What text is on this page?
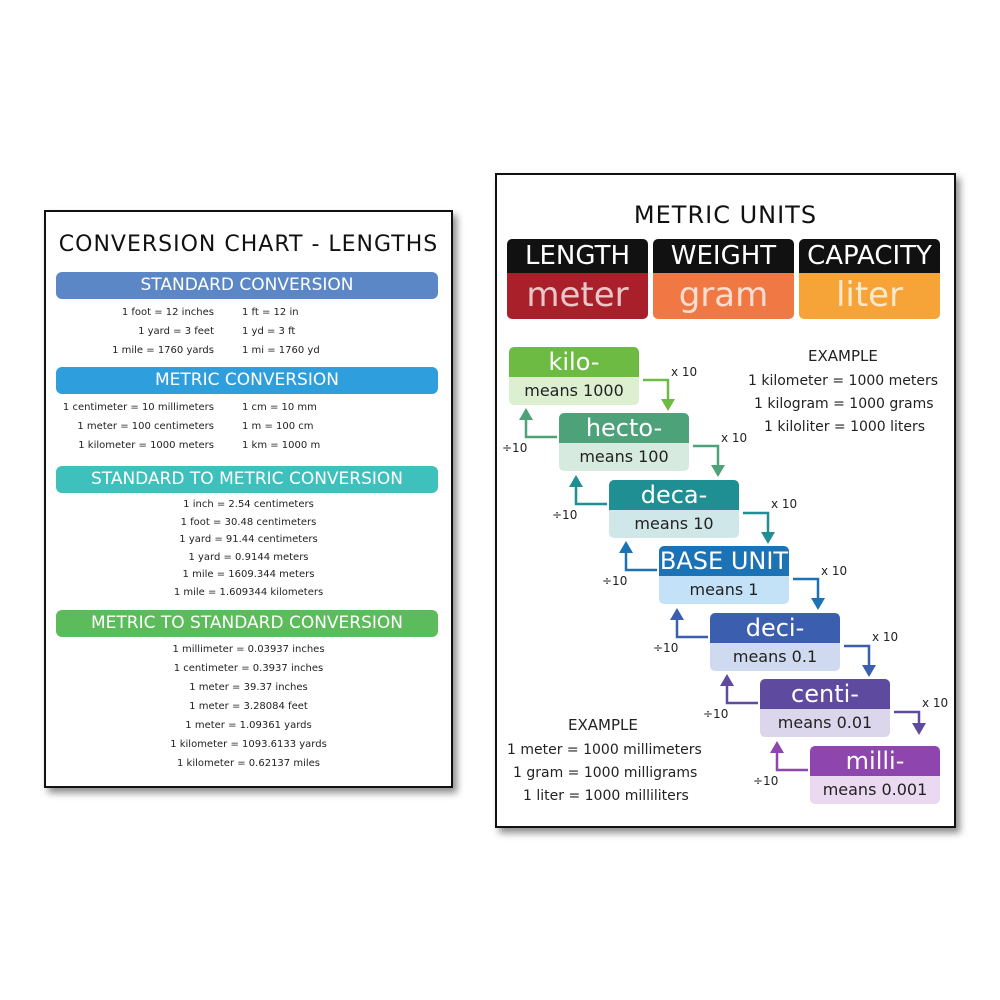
CONVERSION CHART - LENGTHS
STANDARD CONVERSION
1 foot = 12 inches	1 ft = 12 in
1 yard = 3 feet	1 yd = 3 ft
1 mile = 1760 yards	1 mi = 1760 yd
METRIC CONVERSION
1 centimeter = 10 millimeters	1 cm = 10 mm
1 meter = 100 centimeters	1 m = 100 cm
1 kilometer = 1000 meters	1 km = 1000 m
STANDARD TO METRIC CONVERSION
1 inch = 2.54 centimeters
1 foot = 30.48 centimeters
1 yard = 91.44 centimeters
1 yard = 0.9144 meters
1 mile = 1609.344 meters
1 mile = 1.609344 kilometers
METRIC TO STANDARD CONVERSION
1 millimeter = 0.03937 inches
1 centimeter = 0.3937 inches
1 meter = 39.37 inches
1 meter = 3.28084 feet
1 meter = 1.09361 yards
1 kilometer = 1093.6133 yards
1 kilometer = 0.62137 miles
METRIC UNITS
LENGTH
meter
WEIGHT
gram
CAPACITY
liter
kilo-
means 1000
hecto-
means 100
deca-
means 10
BASE UNIT
means 1
deci-
means 0.1
centi-
means 0.01
milli-
means 0.001
x 10
x 10
x 10
x 10
x 10
x 10
÷10
÷10
÷10
÷10
÷10
÷10
EXAMPLE
1 kilometer = 1000 meters
1 kilogram = 1000 grams
1 kiloliter = 1000 liters
EXAMPLE
1 meter = 1000 millimeters
1 gram = 1000 milligrams
1 liter = 1000 milliliters
